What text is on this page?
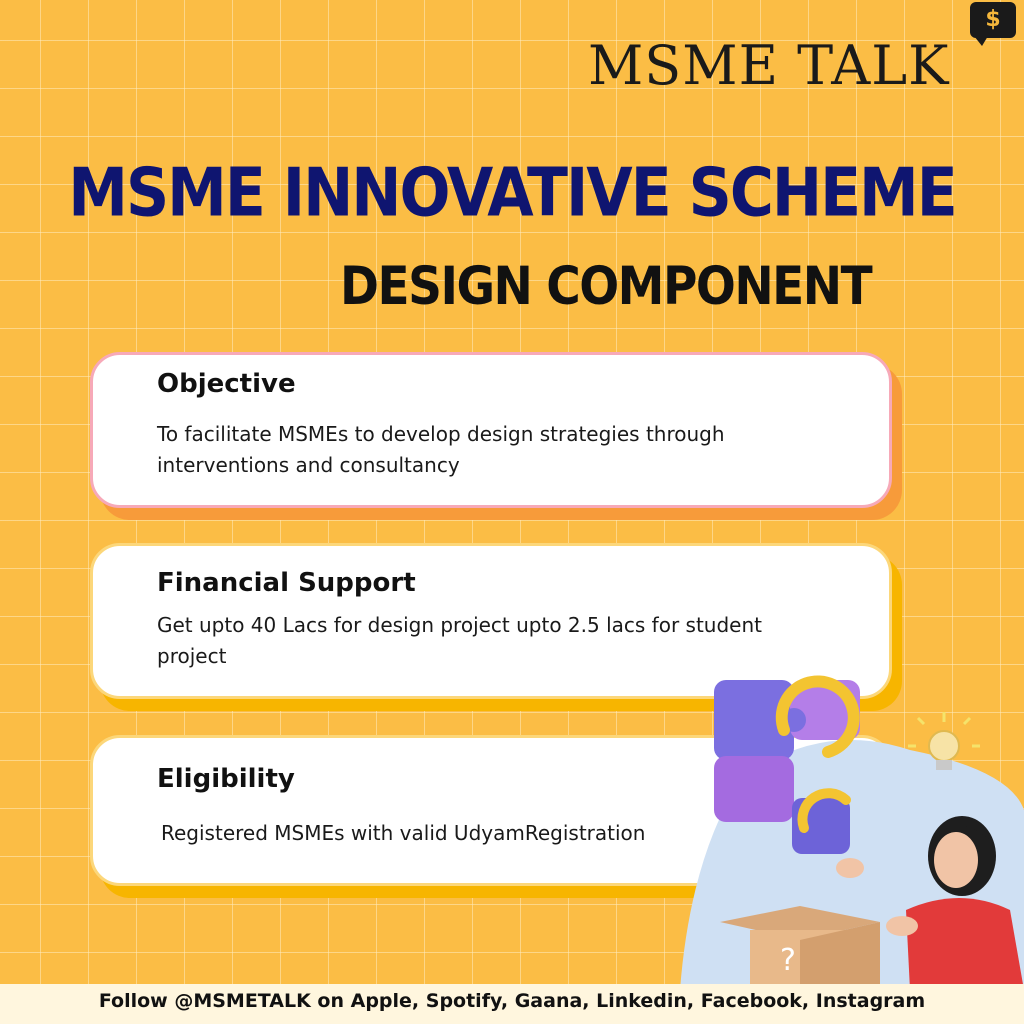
MSME TALK
$
MSME INNOVATIVE SCHEME
DESIGN COMPONENT
Objective
To facilitate MSMEs to develop design strategies through interventions and consultancy
Financial Support
Get upto 40 Lacs for design project upto 2.5 lacs for student project
Eligibility
Registered MSMEs with valid UdyamRegistration
?
Follow @MSMETALK on Apple, Spotify, Gaana, Linkedin, Facebook, Instagram
